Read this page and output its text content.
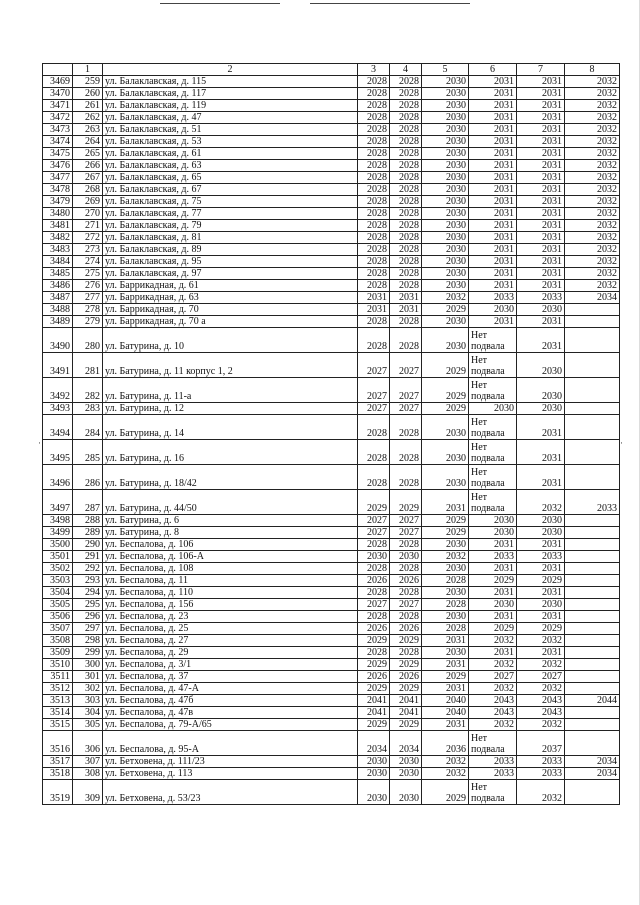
	1	2	3	4	5	6	7	8
3469	259	ул. Балаклавская, д. 115	2028	2028	2030	2031	2031	2032
3470	260	ул. Балаклавская, д. 117	2028	2028	2030	2031	2031	2032
3471	261	ул. Балаклавская, д. 119	2028	2028	2030	2031	2031	2032
3472	262	ул. Балаклавская, д. 47	2028	2028	2030	2031	2031	2032
3473	263	ул. Балаклавская, д. 51	2028	2028	2030	2031	2031	2032
3474	264	ул. Балаклавская, д. 53	2028	2028	2030	2031	2031	2032
3475	265	ул. Балаклавская, д. 61	2028	2028	2030	2031	2031	2032
3476	266	ул. Балаклавская, д. 63	2028	2028	2030	2031	2031	2032
3477	267	ул. Балаклавская, д. 65	2028	2028	2030	2031	2031	2032
3478	268	ул. Балаклавская, д. 67	2028	2028	2030	2031	2031	2032
3479	269	ул. Балаклавская, д. 75	2028	2028	2030	2031	2031	2032
3480	270	ул. Балаклавская, д. 77	2028	2028	2030	2031	2031	2032
3481	271	ул. Балаклавская, д. 79	2028	2028	2030	2031	2031	2032
3482	272	ул. Балаклавская, д. 81	2028	2028	2030	2031	2031	2032
3483	273	ул. Балаклавская, д. 89	2028	2028	2030	2031	2031	2032
3484	274	ул. Балаклавская, д. 95	2028	2028	2030	2031	2031	2032
3485	275	ул. Балаклавская, д. 97	2028	2028	2030	2031	2031	2032
3486	276	ул. Баррикадная, д. 61	2028	2028	2030	2031	2031	2032
3487	277	ул. Баррикадная, д. 63	2031	2031	2032	2033	2033	2034
3488	278	ул. Баррикадная, д. 70	2031	2031	2029	2030	2030	
3489	279	ул. Баррикадная, д. 70 а	2028	2028	2030	2031	2031	
3490	280	ул. Батурина, д. 10	2028	2028	2030	Нет подвала	2031	
3491	281	ул. Батурина, д. 11 корпус 1, 2	2027	2027	2029	Нет подвала	2030	
3492	282	ул. Батурина, д. 11-а	2027	2027	2029	Нет подвала	2030	
3493	283	ул. Батурина, д. 12	2027	2027	2029	2030	2030	
3494	284	ул. Батурина, д. 14	2028	2028	2030	Нет подвала	2031	
3495	285	ул. Батурина, д. 16	2028	2028	2030	Нет подвала	2031	
3496	286	ул. Батурина, д. 18/42	2028	2028	2030	Нет подвала	2031	
3497	287	ул. Батурина, д. 44/50	2029	2029	2031	Нет подвала	2032	2033
3498	288	ул. Батурина, д. 6	2027	2027	2029	2030	2030	
3499	289	ул. Батурина, д. 8	2027	2027	2029	2030	2030	
3500	290	ул. Беспалова, д. 106	2028	2028	2030	2031	2031	
3501	291	ул. Беспалова, д. 106-А	2030	2030	2032	2033	2033	
3502	292	ул. Беспалова, д. 108	2028	2028	2030	2031	2031	
3503	293	ул. Беспалова, д. 11	2026	2026	2028	2029	2029	
3504	294	ул. Беспалова, д. 110	2028	2028	2030	2031	2031	
3505	295	ул. Беспалова, д. 156	2027	2027	2028	2030	2030	
3506	296	ул. Беспалова, д. 23	2028	2028	2030	2031	2031	
3507	297	ул. Беспалова, д. 25	2026	2026	2028	2029	2029	
3508	298	ул. Беспалова, д. 27	2029	2029	2031	2032	2032	
3509	299	ул. Беспалова, д. 29	2028	2028	2030	2031	2031	
3510	300	ул. Беспалова, д. 3/1	2029	2029	2031	2032	2032	
3511	301	ул. Беспалова, д. 37	2026	2026	2029	2027	2027	
3512	302	ул. Беспалова, д. 47-А	2029	2029	2031	2032	2032	
3513	303	ул. Беспалова, д. 47б	2041	2041	2040	2043	2043	2044
3514	304	ул. Беспалова, д. 47в	2041	2041	2040	2043	2043	
3515	305	ул. Беспалова, д. 79-А/65	2029	2029	2031	2032	2032	
3516	306	ул. Беспалова, д. 95-А	2034	2034	2036	Нет подвала	2037	
3517	307	ул. Бетховена, д. 111/23	2030	2030	2032	2033	2033	2034
3518	308	ул. Бетховена, д. 113	2030	2030	2032	2033	2033	2034
3519	309	ул. Бетховена, д. 53/23	2030	2030	2029	Нет подвала	2032	
·	·
